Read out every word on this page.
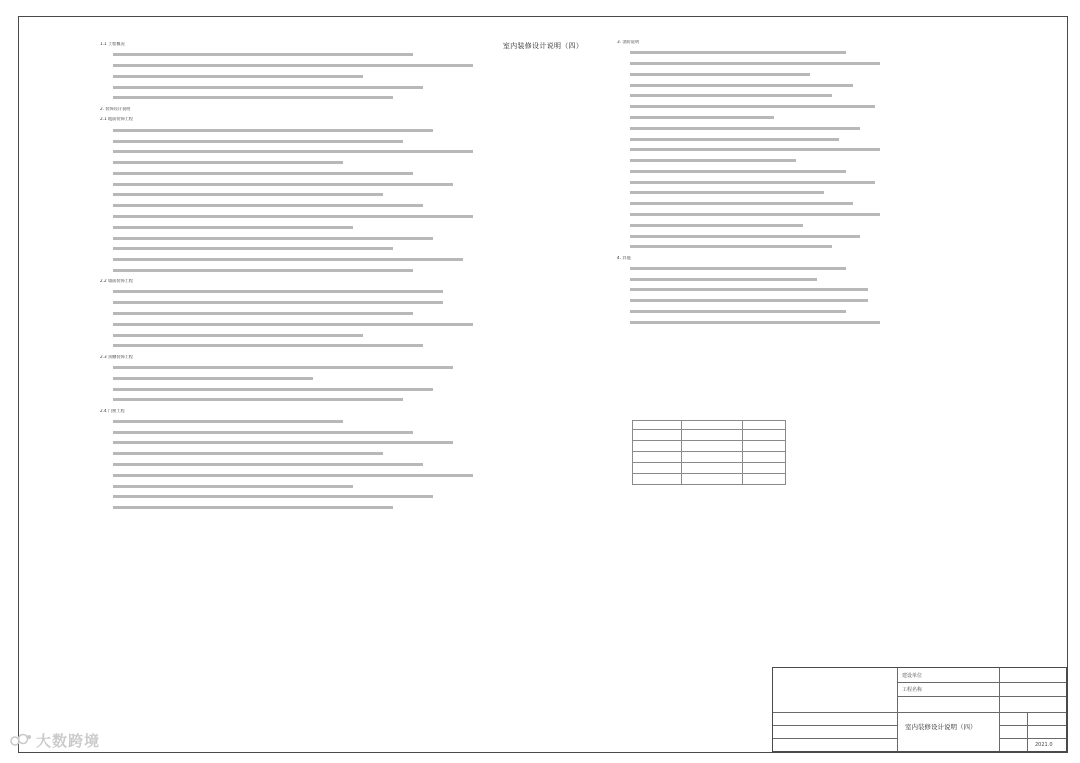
室内装修设计说明（四）
1.1 工程概况
2. 装饰设计说明
2.1 地面装饰工程
2.2 墙面装饰工程
2.3 顶棚装饰工程
2.4 门窗工程
3. 消防说明
4. 其他

建设单位
工程名称
室内装修设计说明（四）
2021.0
大数跨境
